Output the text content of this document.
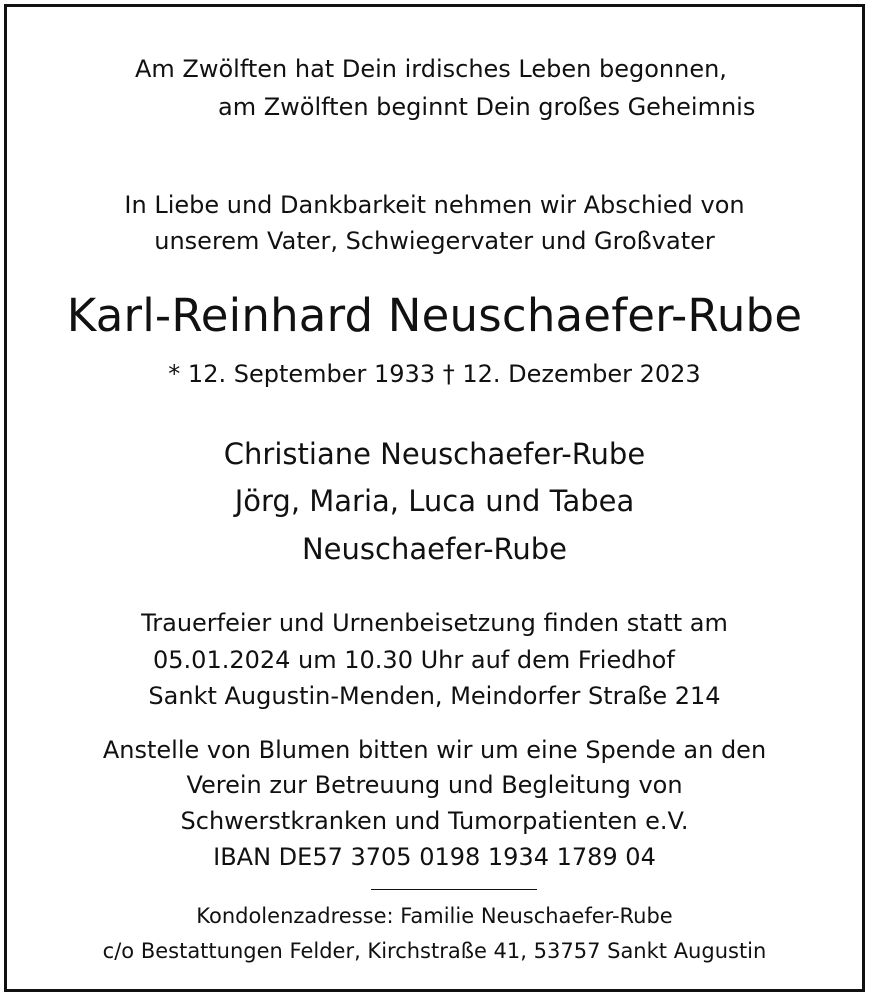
Am Zwölften hat Dein irdisches Leben begonnen,
am Zwölften beginnt Dein großes Geheimnis
In Liebe und Dankbarkeit nehmen wir Abschied von
unserem Vater, Schwiegervater und Großvater
Karl-Reinhard Neuschaefer-Rube
* 12. September 1933 † 12. Dezember 2023
Christiane Neuschaefer-Rube
Jörg, Maria, Luca und Tabea
Neuschaefer-Rube
Trauerfeier und Urnenbeisetzung finden statt am
05.01.2024 um 10.30 Uhr auf dem Friedhof
Sankt Augustin-Menden, Meindorfer Straße 214
Anstelle von Blumen bitten wir um eine Spende an den
Verein zur Betreuung und Begleitung von
Schwerstkranken und Tumorpatienten e.V.
IBAN DE57 3705 0198 1934 1789 04
Kondolenzadresse: Familie Neuschaefer-Rube
c/o Bestattungen Felder, Kirchstraße 41, 53757 Sankt Augustin
